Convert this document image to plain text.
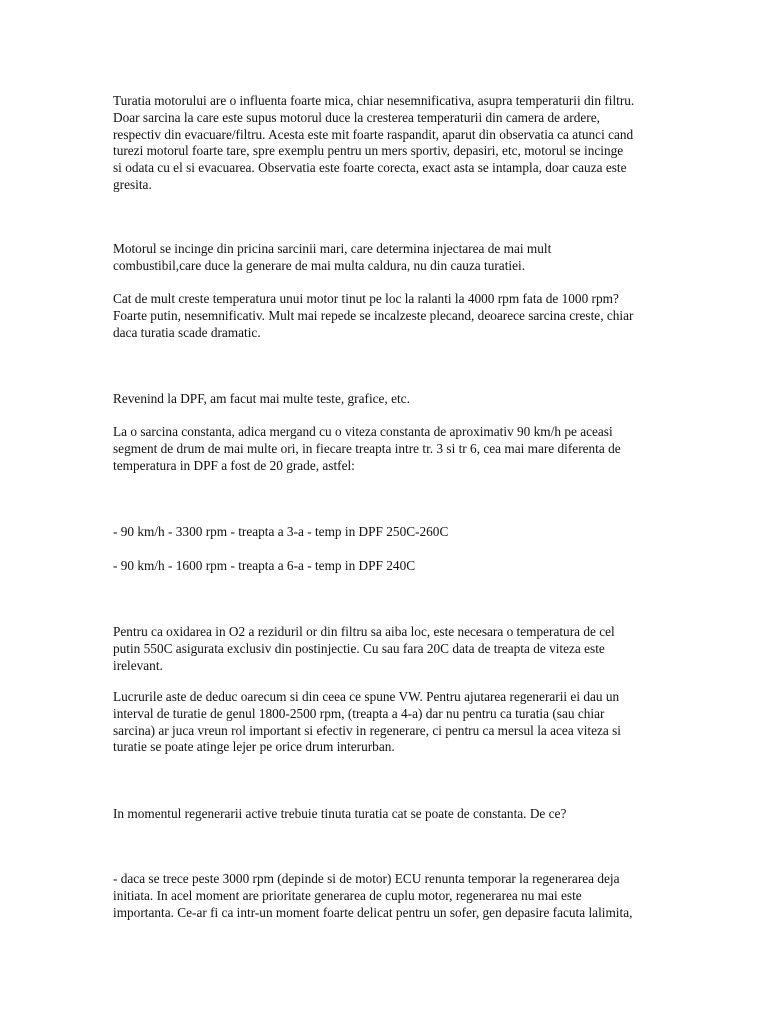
Turatia motorului are o influenta foarte mica, chiar nesemnificativa, asupra temperaturii din filtru.
Doar sarcina la care este supus motorul duce la cresterea temperaturii din camera de ardere,
respectiv din evacuare/filtru. Acesta este mit foarte raspandit, aparut din observatia ca atunci cand
turezi motorul foarte tare, spre exemplu pentru un mers sportiv, depasiri, etc, motorul se incinge
si odata cu el si evacuarea. Observatia este foarte corecta, exact asta se intampla, doar cauza este
gresita.

Motorul se incinge din pricina sarcinii mari, care determina injectarea de mai mult
combustibil,care duce la generare de mai multa caldura, nu din cauza turatiei.

Cat de mult creste temperatura unui motor tinut pe loc la ralanti la 4000 rpm fata de 1000 rpm?
Foarte putin, nesemnificativ. Mult mai repede se incalzeste plecand, deoarece sarcina creste, chiar
daca turatia scade dramatic.

Revenind la DPF, am facut mai multe teste, grafice, etc.

La o sarcina constanta, adica mergand cu o viteza constanta de aproximativ 90 km/h pe aceasi
segment de drum de mai multe ori, in fiecare treapta intre tr. 3 si tr 6, cea mai mare diferenta de
temperatura in DPF a fost de 20 grade, astfel:

- 90 km/h - 3300 rpm - treapta a 3-a - temp in DPF 250C-260C

- 90 km/h - 1600 rpm - treapta a 6-a - temp in DPF 240C

Pentru ca oxidarea in O2 a reziduril or din filtru sa aiba loc, este necesara o temperatura de cel
putin 550C asigurata exclusiv din postinjectie. Cu sau fara 20C data de treapta de viteza este
irelevant.

Lucrurile aste de deduc oarecum si din ceea ce spune VW. Pentru ajutarea regenerarii ei dau un
interval de turatie de genul 1800-2500 rpm, (treapta a 4-a) dar nu pentru ca turatia (sau chiar
sarcina) ar juca vreun rol important si efectiv in regenerare, ci pentru ca mersul la acea viteza si
turatie se poate atinge lejer pe orice drum interurban.

In momentul regenerarii active trebuie tinuta turatia cat se poate de constanta. De ce?

- daca se trece peste 3000 rpm (depinde si de motor) ECU renunta temporar la regenerarea deja
initiata. In acel moment are prioritate generarea de cuplu motor, regenerarea nu mai este
importanta. Ce-ar fi ca intr-un moment foarte delicat pentru un sofer, gen depasire facuta lalimita,
